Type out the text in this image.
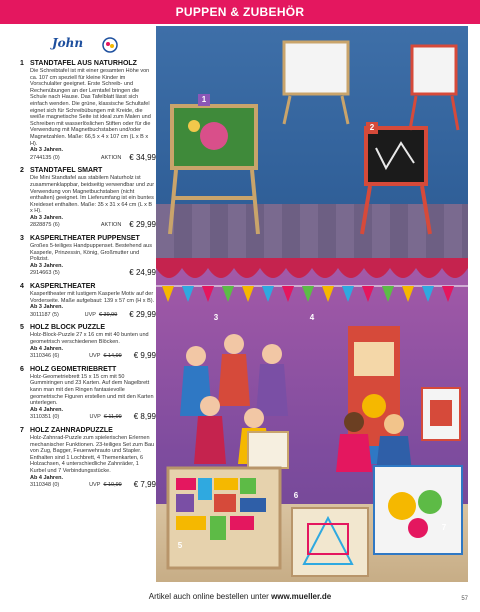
PUPPEN & ZUBEHÖR
John
1 STANDTAFEL AUS NATURHOLZ
Die Schreibtafel ist mit einer gesamten Höhe von ca. 107 cm speziell für kleine Kinder im Vorschulalter geeignet. Erste Schreib- und Rechenübungen an der Lerntafel bringen die Schule nach Hause. Das Tafelblatt lässt sich einfach wenden. Die grüne, klassische Schultafel eignet sich für Schreibübungen mit Kreide, die weiße magnetische Seite ist ideal zum Malen und Schreiben mit wasserlöslichen Stiften oder für die Verwendung mit Magnetbuchstaben und/oder Magnetzahlen. Maße: 66,5 x 4 x 107 cm (L x B x H).
Ab 3 Jahren.
2744135 (0)	AKTION € 34,99
2 STANDTAFEL SMART
Die Mini Standtafel aus stabilem Naturholz ist zusammenklappbar, beidseitig verwendbar und zur Verwendung von Magnetbuchstaben (nicht enthalten) geeignet. Im Lieferumfang ist ein buntes Kreideset enthalten. Maße: 35 x 31 x 64 cm (L x B x H).
Ab 3 Jahren.
2828875 (6)	AKTION € 29,99
3 KASPERLTHEATER PUPPENSET
Großes 5-teiliges Handpuppenset. Bestehend aus Kasperle, Prinzessin, König, Großmutter und Polizist.
Ab 3 Jahren.
2914663 (5)	€ 24,99
4 KASPERLTHEATER
Kasperltheater mit lustigem Kasperle Motiv auf der Vorderseite. Maße aufgebaut: 139 x 57 cm (H x B).
Ab 3 Jahren.
3011187 (5)	UVP € 39,99 € 29,99
5 HOLZ BLOCK PUZZLE
Holz-Block-Puzzle 27 x 16 cm mit 40 bunten und geometrisch verschiedenen Blöcken.
Ab 4 Jahren.
3110346 (6)	UVP € 14,99 € 9,99
6 HOLZ GEOMETRIEBRETT
Holz-Geometriebrett 15 x 15 cm mit 50 Gummiringen und 23 Karten. Auf dem Nagelbrett kann man mit den Ringen fantasievolle geometrische Figuren erstellen und mit den Karten unterlegen.
Ab 4 Jahren.
3110351 (0)	UVP € 11,99 € 8,99
7 HOLZ ZAHNRADPUZZLE
Holz-Zahnrad-Puzzle zum spielerischen Erlernen mechanischer Funktionen. 23-teiliges Set zum Bau von Zug, Bagger, Feuerwehrauto und Stapler. Enthalten sind 1 Lochbrett, 4 Themenkarten, 6 Holzachsen, 4 unterschiedliche Zahnräder, 1 Kurbel und 7 Verbindungsstücke.
Ab 4 Jahren.
3110348 (0)	UVP € 10,99 € 7,99
1
2
3	4
5
6
7
Artikel auch online bestellen unter www.mueller.de	57
